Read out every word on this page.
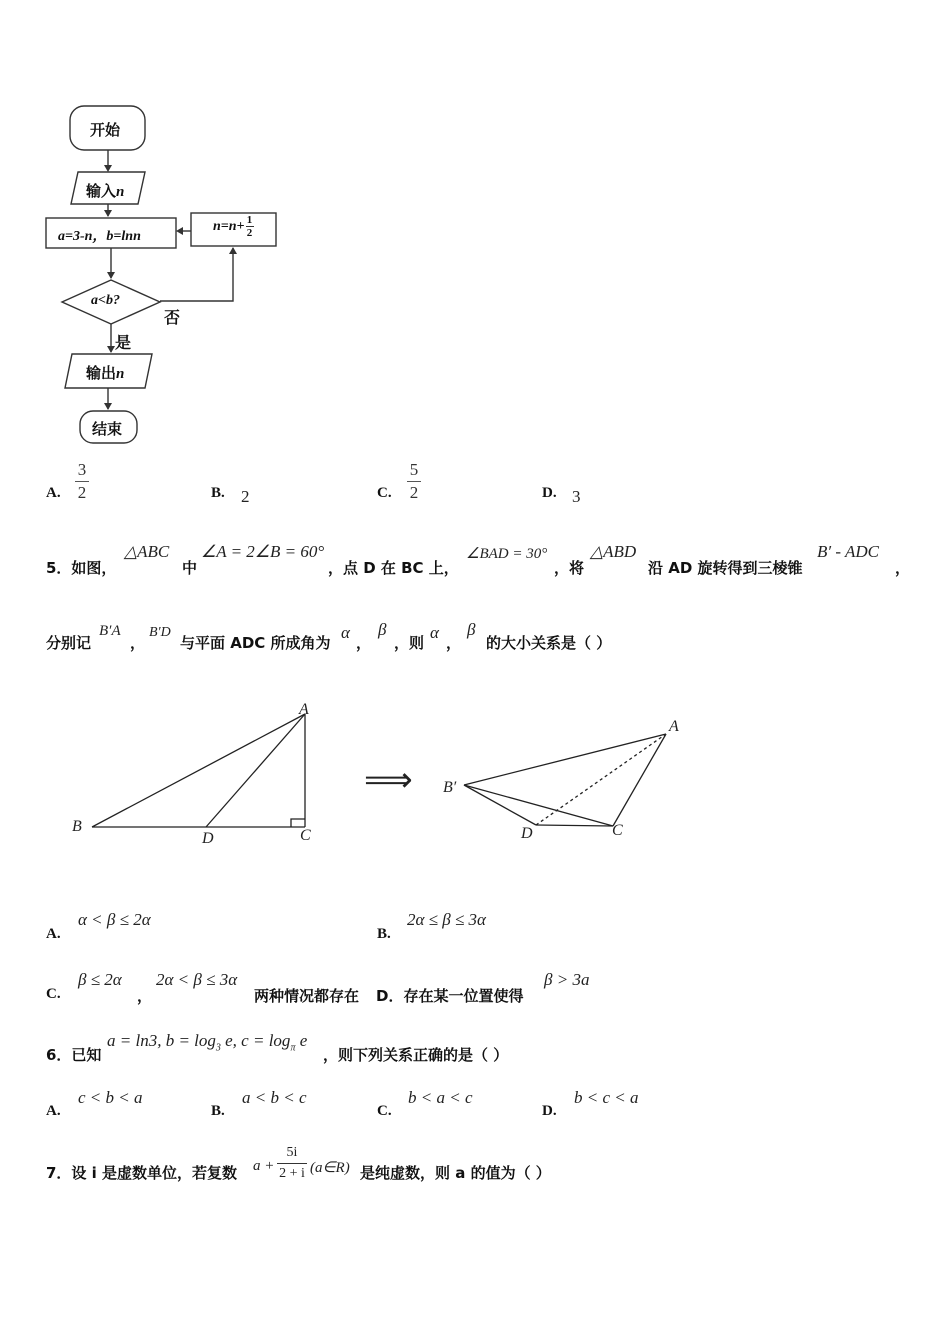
开始
输入n
a=3-n，b=lnn
n=n+ 1
2
a<b?
否
是
输出n
结束
A.
3
2	B. 2	C.
5
2	D. 3
5．如图，
△ABC
中
∠A = 2∠B = 60°
，点 D 在 BC 上，
∠BAD = 30°
，将
△ABD
沿 AD 旋转得到三棱锥
B′ - ADC
，
分别记
B′A
，
B′D
与平面 ADC 所成角为
α
，
β
，则
α
，
β
的大小关系是（ ）
A
B
C
D
⟹
A
B′
C
D
A.
α < β ≤ 2α
B.
2α ≤ β ≤ 3α
C.
β ≤ 2α
，
2α < β ≤ 3α
两种情况都存在 D．存在某一位置使得
β > 3a
6．已知
a = ln3, $b = \log_3 e$, $c = \log_\pi e$
，则下列关系正确的是（ ）
A.
c < b < a
B.
a < b < c
C.
b < a < c
D.
b < c < a
7．设 i 是虚数单位，若复数 a +
5i
2 + i (a∈R) 是纯虚数，则 a 的值为（ ）
